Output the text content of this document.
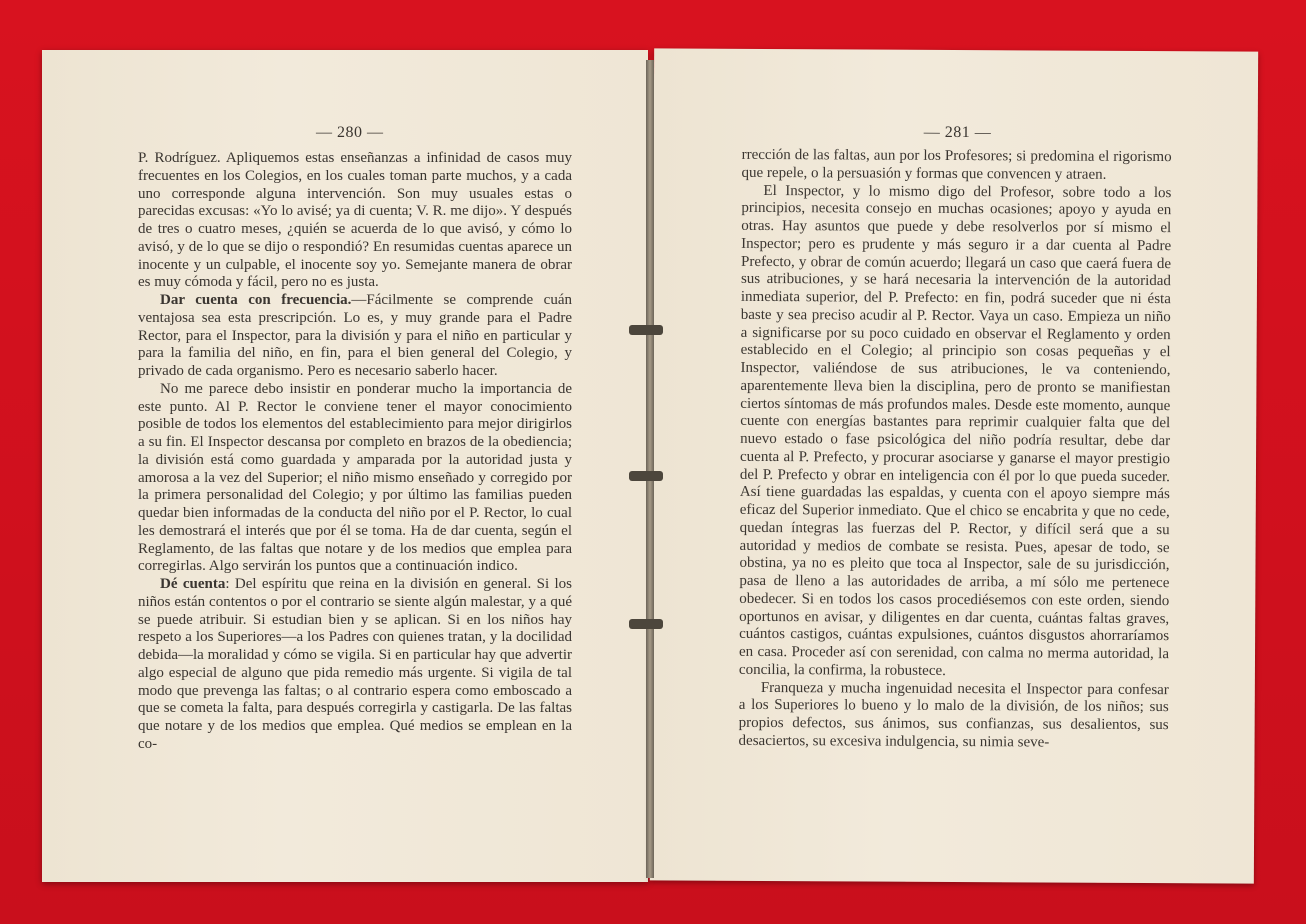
— 280 —

P. Rodríguez. Apliquemos estas enseñanzas a infinidad de casos muy frecuentes en los Colegios, en los cuales toman parte muchos, y a cada uno corresponde alguna intervención. Son muy usuales estas o parecidas excusas: «Yo lo avisé; ya di cuenta; V. R. me dijo». Y después de tres o cuatro meses, ¿quién se acuerda de lo que avisó, y cómo lo avisó, y de lo que se dijo o respondió? En resumidas cuentas aparece un inocente y un culpable, el inocente soy yo. Semejante manera de obrar es muy cómoda y fácil, pero no es justa.

Dar cuenta con frecuencia.—Fácilmente se comprende cuán ventajosa sea esta prescripción. Lo es, y muy grande para el Padre Rector, para el Inspector, para la división y para el niño en particular y para la familia del niño, en fin, para el bien general del Colegio, y privado de cada organismo. Pero es necesario saberlo hacer.

No me parece debo insistir en ponderar mucho la importancia de este punto. Al P. Rector le conviene tener el mayor conocimiento posible de todos los elementos del establecimiento para mejor dirigirlos a su fin. El Inspector descansa por completo en brazos de la obediencia; la división está como guardada y amparada por la autoridad justa y amorosa a la vez del Superior; el niño mismo enseñado y corregido por la primera personalidad del Colegio; y por último las familias pueden quedar bien informadas de la conducta del niño por el P. Rector, lo cual les demostrará el interés que por él se toma. Ha de dar cuenta, según el Reglamento, de las faltas que notare y de los medios que emplea para corregirlas. Algo servirán los puntos que a continuación indico.

Dé cuenta: Del espíritu que reina en la división en general. Si los niños están contentos o por el contrario se siente algún malestar, y a qué se puede atribuir. Si estudian bien y se aplican. Si en los niños hay respeto a los Superiores—a los Padres con quienes tratan, y la docilidad debida—la moralidad y cómo se vigila. Si en particular hay que advertir algo especial de alguno que pida remedio más urgente. Si vigila de tal modo que prevenga las faltas; o al contrario espera como emboscado a que se cometa la falta, para después corregirla y castigarla. De las faltas que notare y de los medios que emplea. Qué medios se emplean en la co-

— 281 —

rrección de las faltas, aun por los Profesores; si predomina el rigorismo que repele, o la persuasión y formas que convencen y atraen.

El Inspector, y lo mismo digo del Profesor, sobre todo a los principios, necesita consejo en muchas ocasiones; apoyo y ayuda en otras. Hay asuntos que puede y debe resolverlos por sí mismo el Inspector; pero es prudente y más seguro ir a dar cuenta al Padre Prefecto, y obrar de común acuerdo; llegará un caso que caerá fuera de sus atribuciones, y se hará necesaria la intervención de la autoridad inmediata superior, del P. Prefecto: en fin, podrá suceder que ni ésta baste y sea preciso acudir al P. Rector. Vaya un caso. Empieza un niño a significarse por su poco cuidado en observar el Reglamento y orden establecido en el Colegio; al principio son cosas pequeñas y el Inspector, valiéndose de sus atribuciones, le va conteniendo, aparentemente lleva bien la disciplina, pero de pronto se manifiestan ciertos síntomas de más profundos males. Desde este momento, aunque cuente con energías bastantes para reprimir cualquier falta que del nuevo estado o fase psicológica del niño podría resultar, debe dar cuenta al P. Prefecto, y procurar asociarse y ganarse el mayor prestigio del P. Prefecto y obrar en inteligencia con él por lo que pueda suceder. Así tiene guardadas las espaldas, y cuenta con el apoyo siempre más eficaz del Superior inmediato. Que el chico se encabrita y que no cede, quedan íntegras las fuerzas del P. Rector, y difícil será que a su autoridad y medios de combate se resista. Pues, apesar de todo, se obstina, ya no es pleito que toca al Inspector, sale de su jurisdicción, pasa de lleno a las autoridades de arriba, a mí sólo me pertenece obedecer. Si en todos los casos procediésemos con este orden, siendo oportunos en avisar, y diligentes en dar cuenta, cuántas faltas graves, cuántos castigos, cuántas expulsiones, cuántos disgustos ahorraríamos en casa. Proceder así con serenidad, con calma no merma autoridad, la concilia, la confirma, la robustece.

Franqueza y mucha ingenuidad necesita el Inspector para confesar a los Superiores lo bueno y lo malo de la división, de los niños; sus propios defectos, sus ánimos, sus confianzas, sus desalientos, sus desaciertos, su excesiva indulgencia, su nimia seve-
